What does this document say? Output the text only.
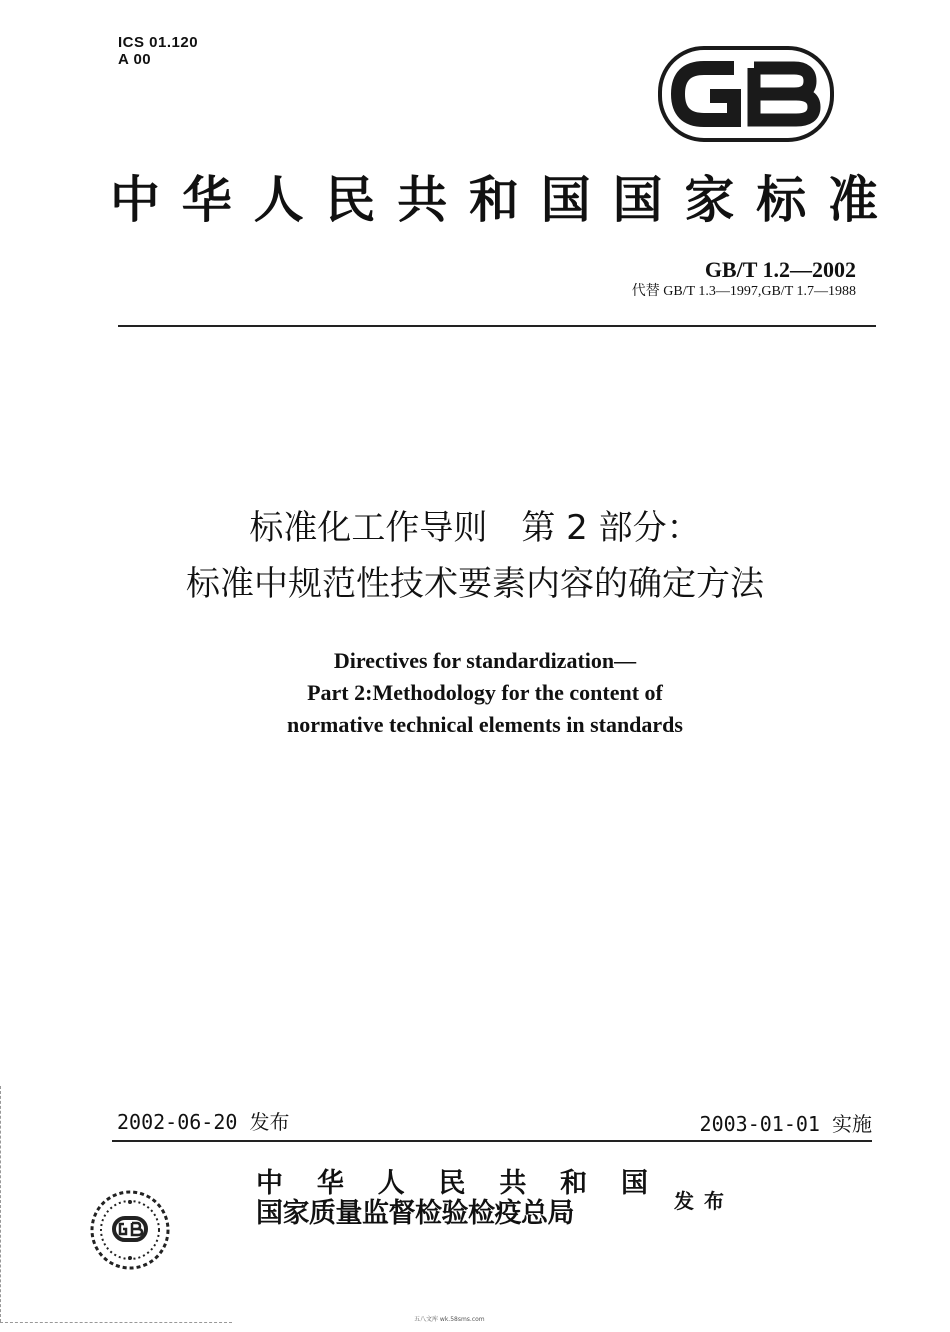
ICS 01.120
A 00
中华人民共和国国家标准
GB/T 1.2—2002
代替 GB/T 1.3—1997,GB/T 1.7—1988
标准化工作导则　第 2 部分：
标准中规范性技术要素内容的确定方法
Directives for standardization—
Part 2:Methodology for the content of
normative technical elements in standards
2002-06-20 发布	2003-01-01 实施
中华人民共和国
国家质量监督检验检疫总局	发布
五八文库 wk.58sms.com
